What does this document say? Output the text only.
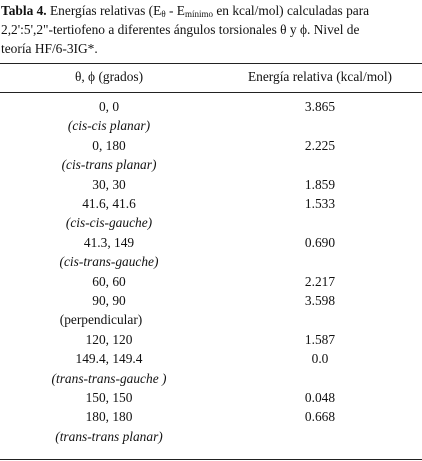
Tabla 4. Energías relativas ($E_\theta - E_{mínimo}$ en kcal/mol) calculadas para
2,2':5',2"-tertiofeno a diferentes ángulos torsionales θ y ϕ. Nivel de
teoría HF/6-3IG*.
θ, ϕ (grados)	Energía relativa (kcal/mol)
0, 0	3.865
(cis-cis planar)
0, 180	2.225
(cis-trans planar)
30, 30	1.859
41.6, 41.6	1.533
(cis-cis-gauche)
41.3, 149	0.690
(cis-trans-gauche)
60, 60	2.217
90, 90	3.598
(perpendicular)
120, 120	1.587
149.4, 149.4	0.0
(trans-trans-gauche )
150, 150	0.048
180, 180	0.668
(trans-trans planar)
